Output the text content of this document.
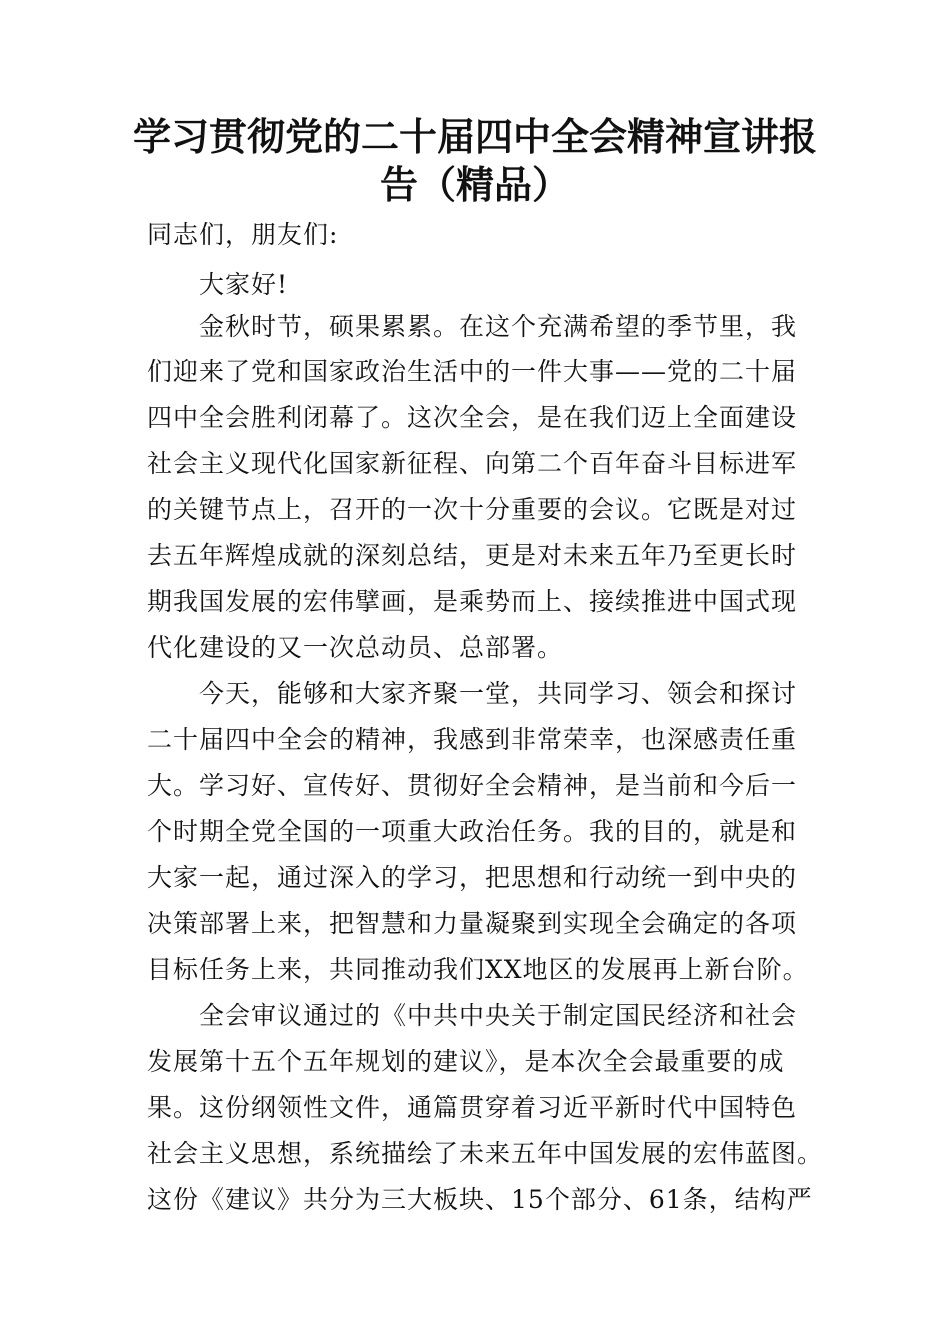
学习贯彻党的二十届四中全会精神宣讲报
告（精品）
同志们，朋友们:
　　大家好!
　　金秋时节，硕果累累。在这个充满希望的季节里，我
们迎来了党和国家政治生活中的一件大事——党的二十届
四中全会胜利闭幕了。这次全会，是在我们迈上全面建设
社会主义现代化国家新征程、向第二个百年奋斗目标进军
的关键节点上，召开的一次十分重要的会议。它既是对过
去五年辉煌成就的深刻总结，更是对未来五年乃至更长时
期我国发展的宏伟擘画，是乘势而上、接续推进中国式现
代化建设的又一次总动员、总部署。
　　今天，能够和大家齐聚一堂，共同学习、领会和探讨
二十届四中全会的精神，我感到非常荣幸，也深感责任重
大。学习好、宣传好、贯彻好全会精神，是当前和今后一
个时期全党全国的一项重大政治任务。我的目的，就是和
大家一起，通过深入的学习，把思想和行动统一到中央的
决策部署上来，把智慧和力量凝聚到实现全会确定的各项
目标任务上来，共同推动我们XX地区的发展再上新台阶。
　　全会审议通过的《中共中央关于制定国民经济和社会
发展第十五个五年规划的建议》，是本次全会最重要的成
果。这份纲领性文件，通篇贯穿着习近平新时代中国特色
社会主义思想，系统描绘了未来五年中国发展的宏伟蓝图。
这份《建议》共分为三大板块、15个部分、61条，结构严
